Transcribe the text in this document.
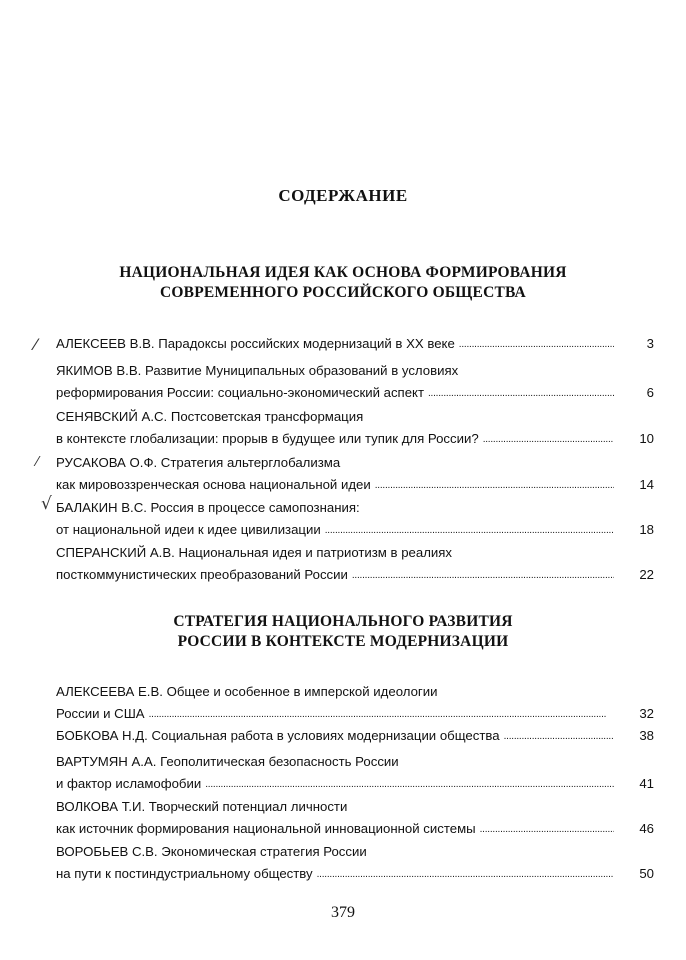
СОДЕРЖАНИЕ
НАЦИОНАЛЬНАЯ ИДЕЯ КАК ОСНОВА ФОРМИРОВАНИЯ
СОВРЕМЕННОГО РОССИЙСКОГО ОБЩЕСТВА
АЛЕКСЕЕВ В.В. Парадоксы российских модернизаций в XX веке . . .	3
ЯКИМОВ В.В. Развитие Муниципальных образований в условиях
реформирования России: социально-экономический аспект . . .	6
СЕНЯВСКИЙ А.С. Постсоветская трансформация
в контексте глобализации: прорыв в будущее или тупик для России? . . .	10
РУСАКОВА О.Ф. Стратегия альтерглобализма
как мировоззренческая основа национальной идеи . . .	14
БАЛАКИН В.С. Россия в процессе самопознания:
от национальной идеи к идее цивилизации . . .	18
СПЕРАНСКИЙ А.В. Национальная идея и патриотизм в реалиях
посткоммунистических преобразований России . . .	22
СТРАТЕГИЯ НАЦИОНАЛЬНОГО РАЗВИТИЯ
РОССИИ В КОНТЕКСТЕ МОДЕРНИЗАЦИИ
АЛЕКСЕЕВА Е.В. Общее и особенное в имперской идеологии
России и США . . .	32
БОБКОВА Н.Д. Социальная работа в условиях модернизации общества . . .	38
ВАРТУМЯН А.А. Геополитическая безопасность России
и фактор исламофобии . . .	41
ВОЛКОВА Т.И. Творческий потенциал личности
как источник формирования национальной инновационной системы . . .	46
ВОРОБЬЕВ С.В. Экономическая стратегия России
на пути к постиндустриальному обществу . . .	50
⁄
⁄
√
379
